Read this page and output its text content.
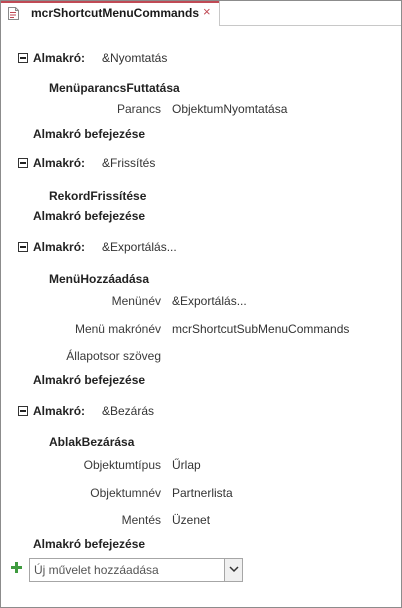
mcrShortcutMenuCommands ×
Almakró: &Nyomtatás
MenüparancsFuttatása
Parancs ObjektumNyomtatása
Almakró befejezése
Almakró: &Frissítés
RekordFrissítése
Almakró befejezése
Almakró: &Exportálás...
MenüHozzáadása
Menünév &Exportálás...
Menü makrónév mcrShortcutSubMenuCommands
Állapotsor szöveg
Almakró befejezése
Almakró: &Bezárás
AblakBezárása
Objektumtípus Űrlap
Objektumnév Partnerlista
Mentés Üzenet
Almakró befejezése
Új művelet hozzáadása
